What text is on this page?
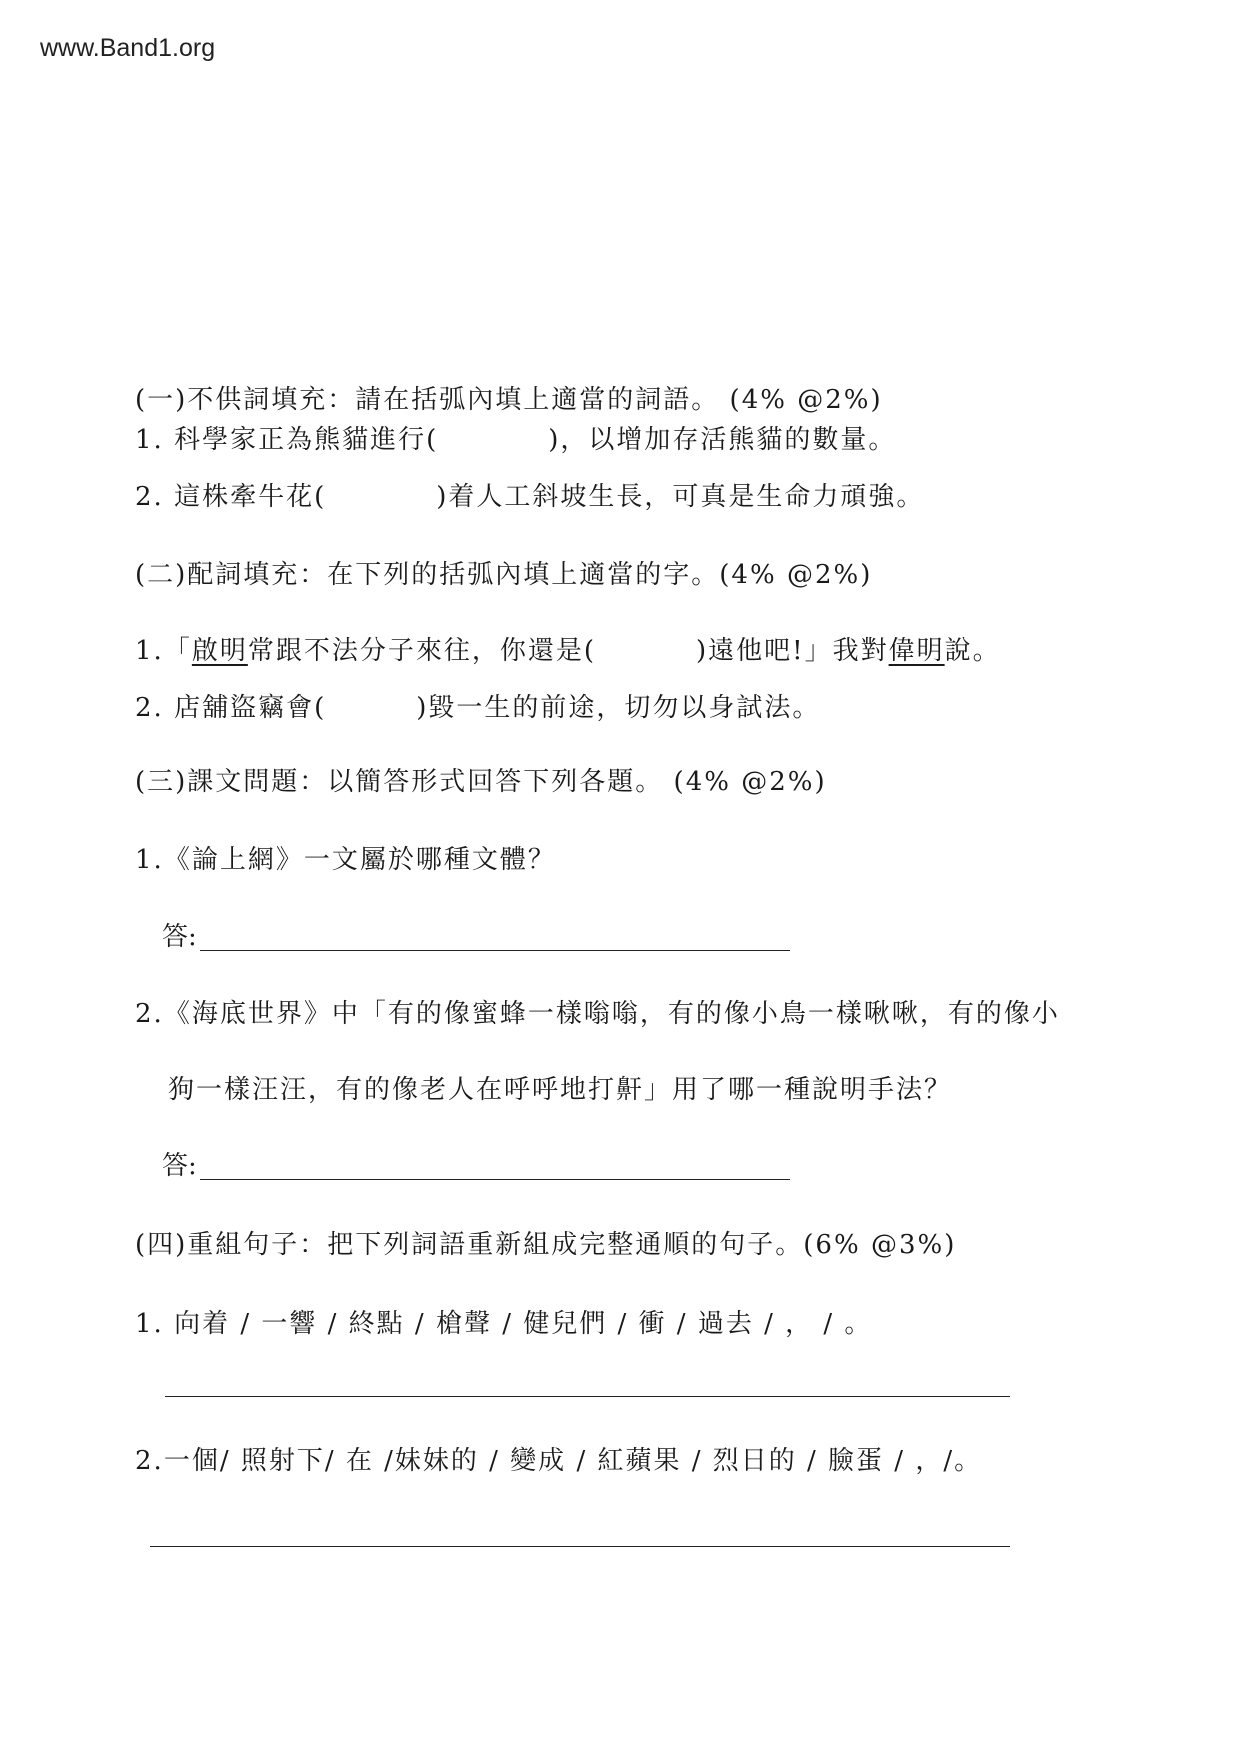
www.Band1.org
(一)不供詞填充：請在括弧內填上適當的詞語。 (4% @2%)
1. 科學家正為熊貓進行(	)，以增加存活熊貓的數量。
2. 這株牽牛花(	)着人工斜坡生長，可真是生命力頑強。
(二)配詞填充：在下列的括弧內填上適當的字。(4% @2%)
1.「啟明常跟不法分子來往，你還是(	)遠他吧!」我對偉明說。
2. 店舖盜竊會(	)毀一生的前途，切勿以身試法。
(三)課文問題：以簡答形式回答下列各題。 (4% @2%)
1.《論上網》一文屬於哪種文體？
答:
2.《海底世界》中「有的像蜜蜂一樣嗡嗡，有的像小鳥一樣啾啾，有的像小
狗一樣汪汪，有的像老人在呼呼地打鼾」用了哪一種說明手法？
答:
(四)重組句子：把下列詞語重新組成完整通順的句子。(6% @3%)
1. 向着 / 一響 / 終點 / 槍聲 / 健兒們 / 衝 / 過去 / ， / 。
2.一個/ 照射下/ 在 /妹妹的 / 變成 / 紅蘋果 / 烈日的 / 臉蛋 / ，/。
